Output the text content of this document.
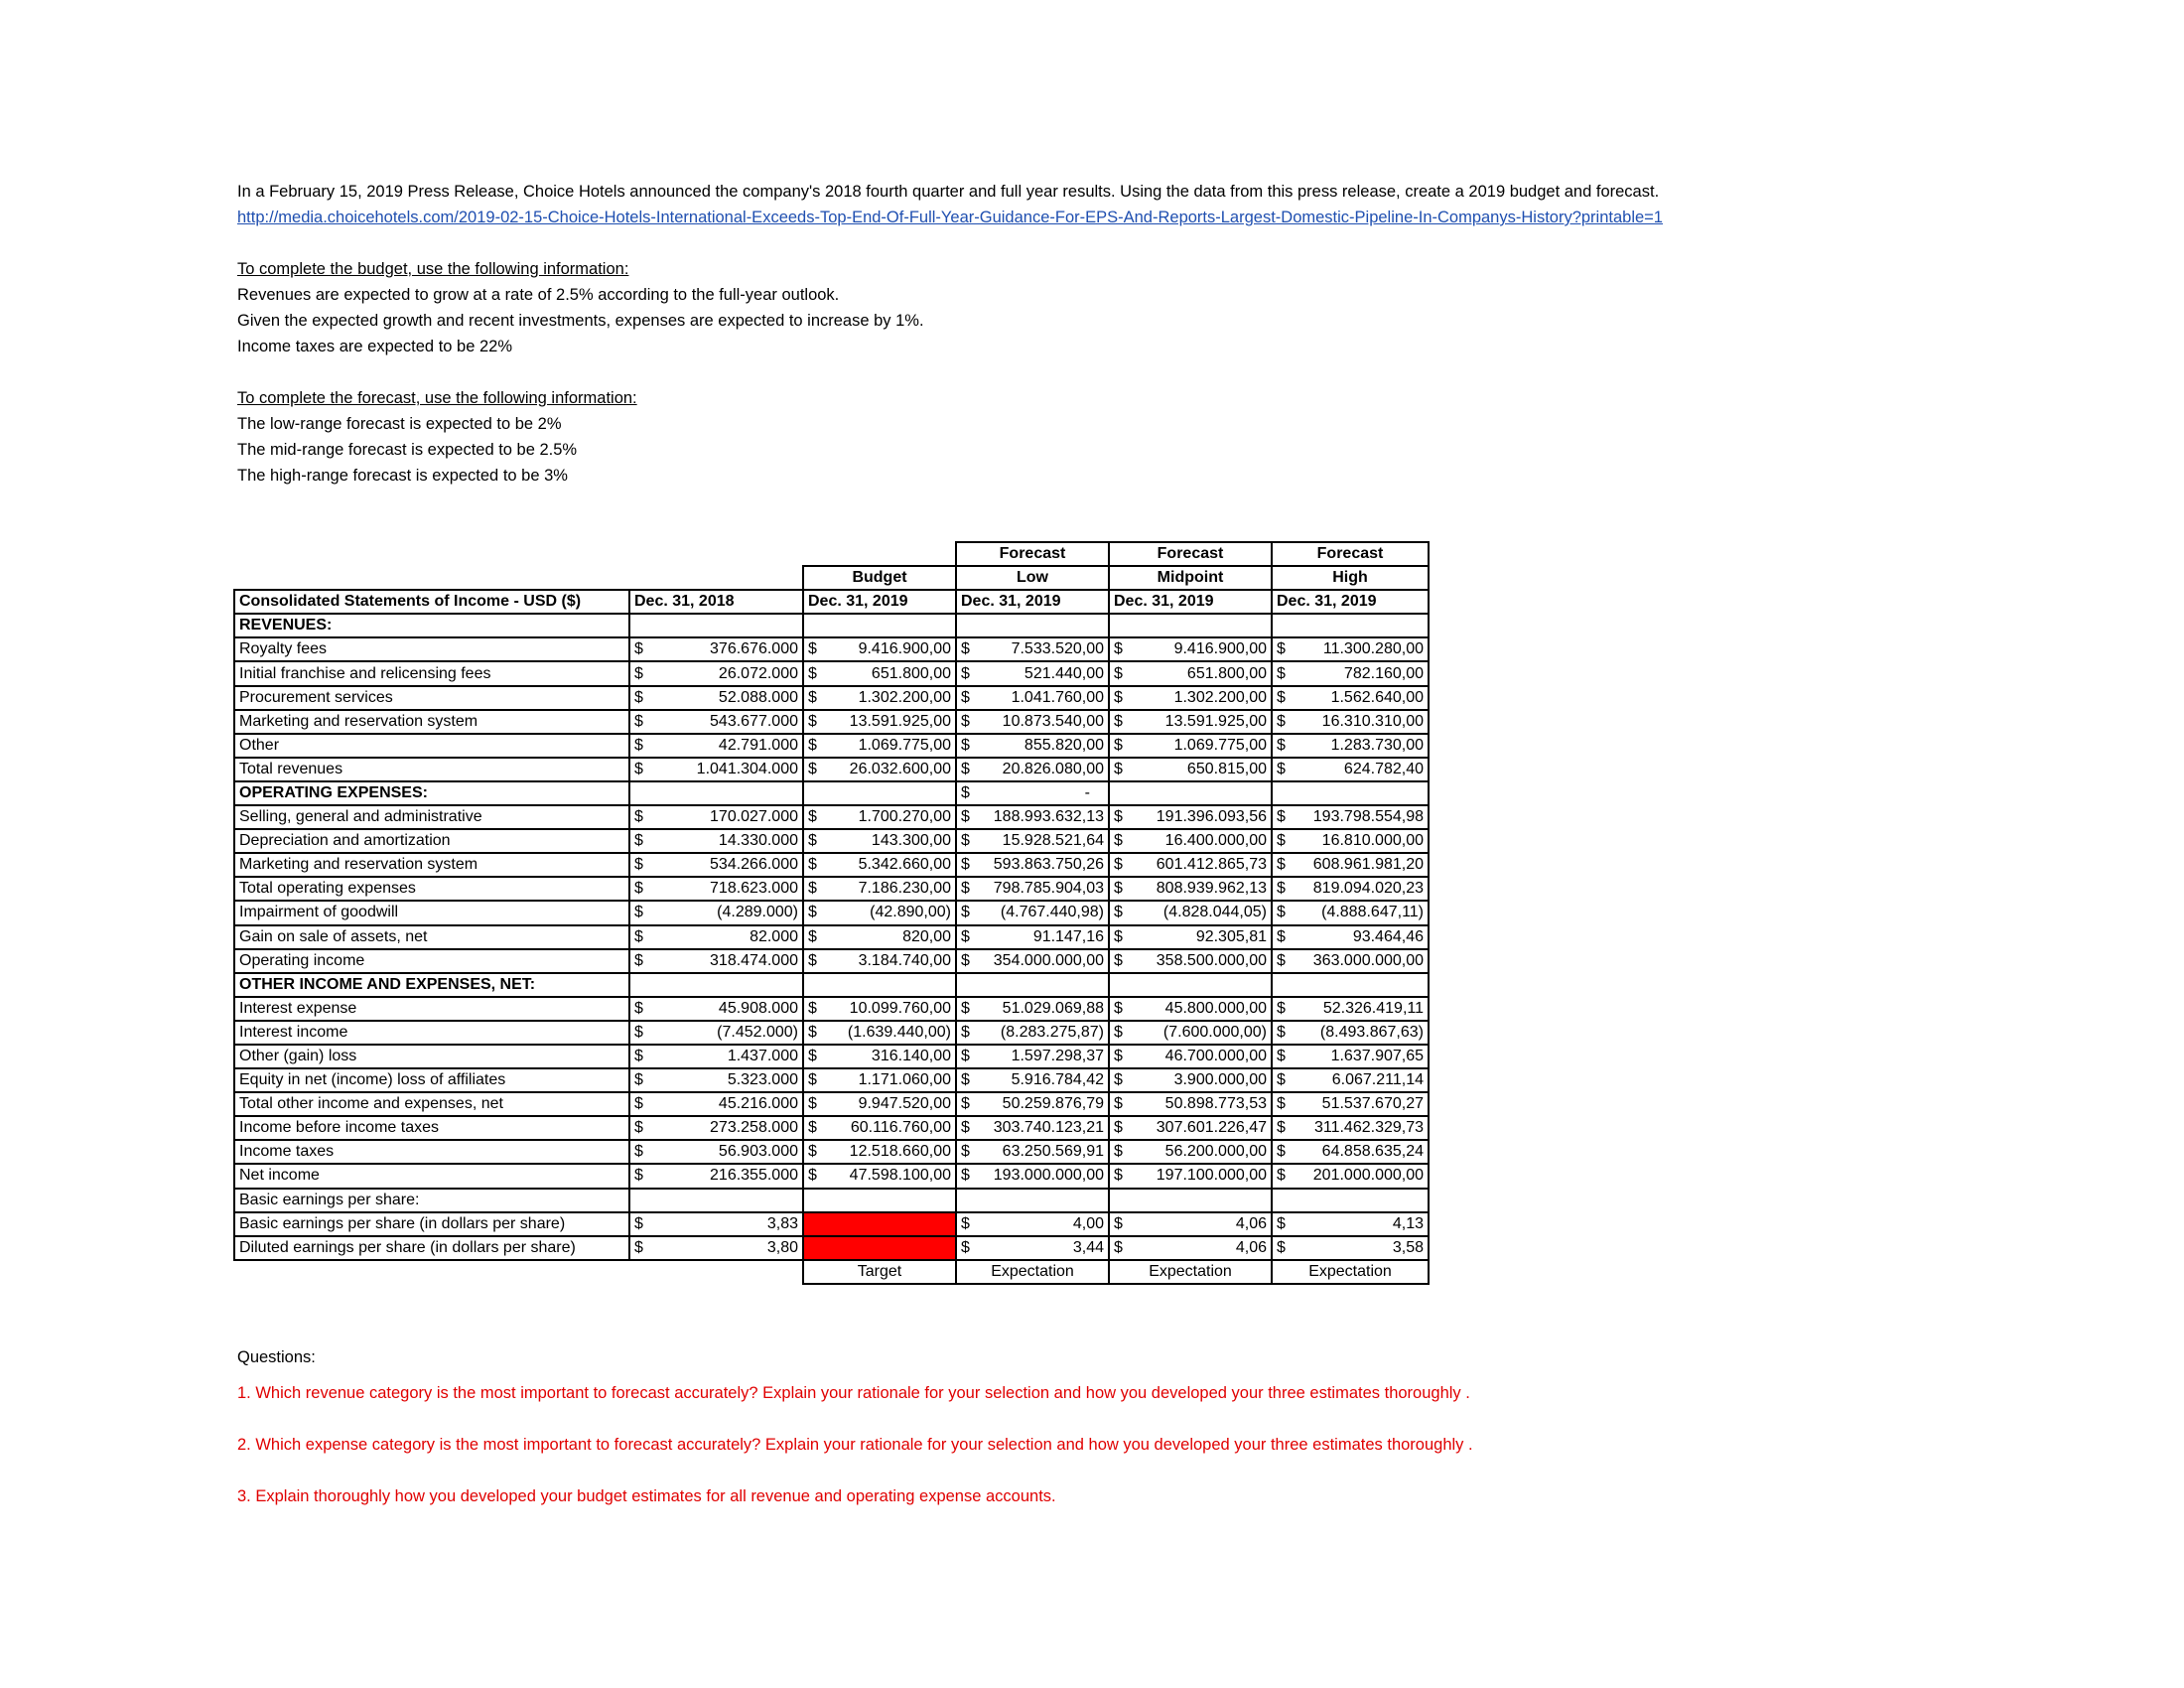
In a February 15, 2019 Press Release, Choice Hotels announced the company's 2018 fourth quarter and full year results. Using the data from this press release, create a 2019 budget and forecast.
http://media.choicehotels.com/2019-02-15-Choice-Hotels-International-Exceeds-Top-End-Of-Full-Year-Guidance-For-EPS-And-Reports-Largest-Domestic-Pipeline-In-Companys-History?printable=1
To complete the budget, use the following information:
Revenues are expected to grow at a rate of 2.5% according to the full-year outlook.
Given the expected growth and recent investments, expenses are expected to increase by 1%.
Income taxes are expected to be 22%
To complete the forecast, use the following information:
The low-range forecast is expected to be 2%
The mid-range forecast is expected to be 2.5%
The high-range forecast is expected to be 3%
				Forecast	Forecast	Forecast
			Budget	Low	Midpoint	High
Consolidated Statements of Income - USD ($)	Dec. 31, 2018		Dec. 31, 2019	Dec. 31, 2019	Dec. 31, 2019	Dec. 31, 2019
REVENUES:						
Royalty fees	$	376.676.000	$ 9.416.900,00	$ 7.533.520,00	$ 9.416.900,00	$ 11.300.280,00

Initial franchise and relicensing fees	$	26.072.000	$ 651.800,00	$ 521.440,00	$ 651.800,00	$ 782.160,00

Procurement services	$	52.088.000	$ 1.302.200,00	$ 1.041.760,00	$ 1.302.200,00	$ 1.562.640,00

Marketing and reservation system	$	543.677.000	$ 13.591.925,00	$ 10.873.540,00	$ 13.591.925,00	$ 16.310.310,00

Other	$	42.791.000	$ 1.069.775,00	$ 855.820,00	$ 1.069.775,00	$ 1.283.730,00

Total revenues	$	1.041.304.000	$ 26.032.600,00	$ 20.826.080,00	$ 650.815,00	$ 624.782,40

OPERATING EXPENSES:				$ -		

Selling, general and administrative	$	170.027.000	$ 1.700.270,00	$ 188.993.632,13	$ 191.396.093,56	$ 193.798.554,98

Depreciation and amortization	$	14.330.000	$ 143.300,00	$ 15.928.521,64	$ 16.400.000,00	$ 16.810.000,00

Marketing and reservation system	$	534.266.000	$ 5.342.660,00	$ 593.863.750,26	$ 601.412.865,73	$ 608.961.981,20

Total operating expenses	$	718.623.000	$ 7.186.230,00	$ 798.785.904,03	$ 808.939.962,13	$ 819.094.020,23

Impairment of goodwill	$	(4.289.000)	$ (42.890,00)	$ (4.767.440,98)	$ (4.828.044,05)	$ (4.888.647,11)

Gain on sale of assets, net	$	82.000	$ 820,00	$ 91.147,16	$ 92.305,81	$ 93.464,46

Operating income	$	318.474.000	$ 3.184.740,00	$ 354.000.000,00	$ 358.500.000,00	$ 363.000.000,00

OTHER INCOME AND EXPENSES, NET:						
Interest expense	$	45.908.000	$ 10.099.760,00	$ 51.029.069,88	$ 45.800.000,00	$ 52.326.419,11

Interest income	$	(7.452.000)	$ (1.639.440,00)	$ (8.283.275,87)	$ (7.600.000,00)	$ (8.493.867,63)

Other (gain) loss	$	1.437.000	$ 316.140,00	$ 1.597.298,37	$ 46.700.000,00	$ 1.637.907,65

Equity in net (income) loss of affiliates	$	5.323.000	$ 1.171.060,00	$ 5.916.784,42	$ 3.900.000,00	$ 6.067.211,14

Total other income and expenses, net	$	45.216.000	$ 9.947.520,00	$ 50.259.876,79	$ 50.898.773,53	$ 51.537.670,27

Income before income taxes	$	273.258.000	$ 60.116.760,00	$ 303.740.123,21	$ 307.601.226,47	$ 311.462.329,73

Income taxes	$	56.903.000	$ 12.518.660,00	$ 63.250.569,91	$ 56.200.000,00	$ 64.858.635,24

Net income	$	216.355.000	$ 47.598.100,00	$ 193.000.000,00	$ 197.100.000,00	$ 201.000.000,00

Basic earnings per share:						
Basic earnings per share (in dollars per share)	$	3,83		$ 4,00	$ 4,06	$ 4,13

Diluted earnings per share (in dollars per share)	$	3,80		$ 3,44	$ 4,06	$ 3,58

			Target	Expectation	Expectation	Expectation
Questions:
1. Which revenue category is the most important to forecast accurately? Explain your rationale for your selection and how you developed your three estimates thoroughly .
2. Which expense category is the most important to forecast accurately? Explain your rationale for your selection and how you developed your three estimates thoroughly .
3. Explain thoroughly how you developed your budget estimates for all revenue and operating expense accounts.
